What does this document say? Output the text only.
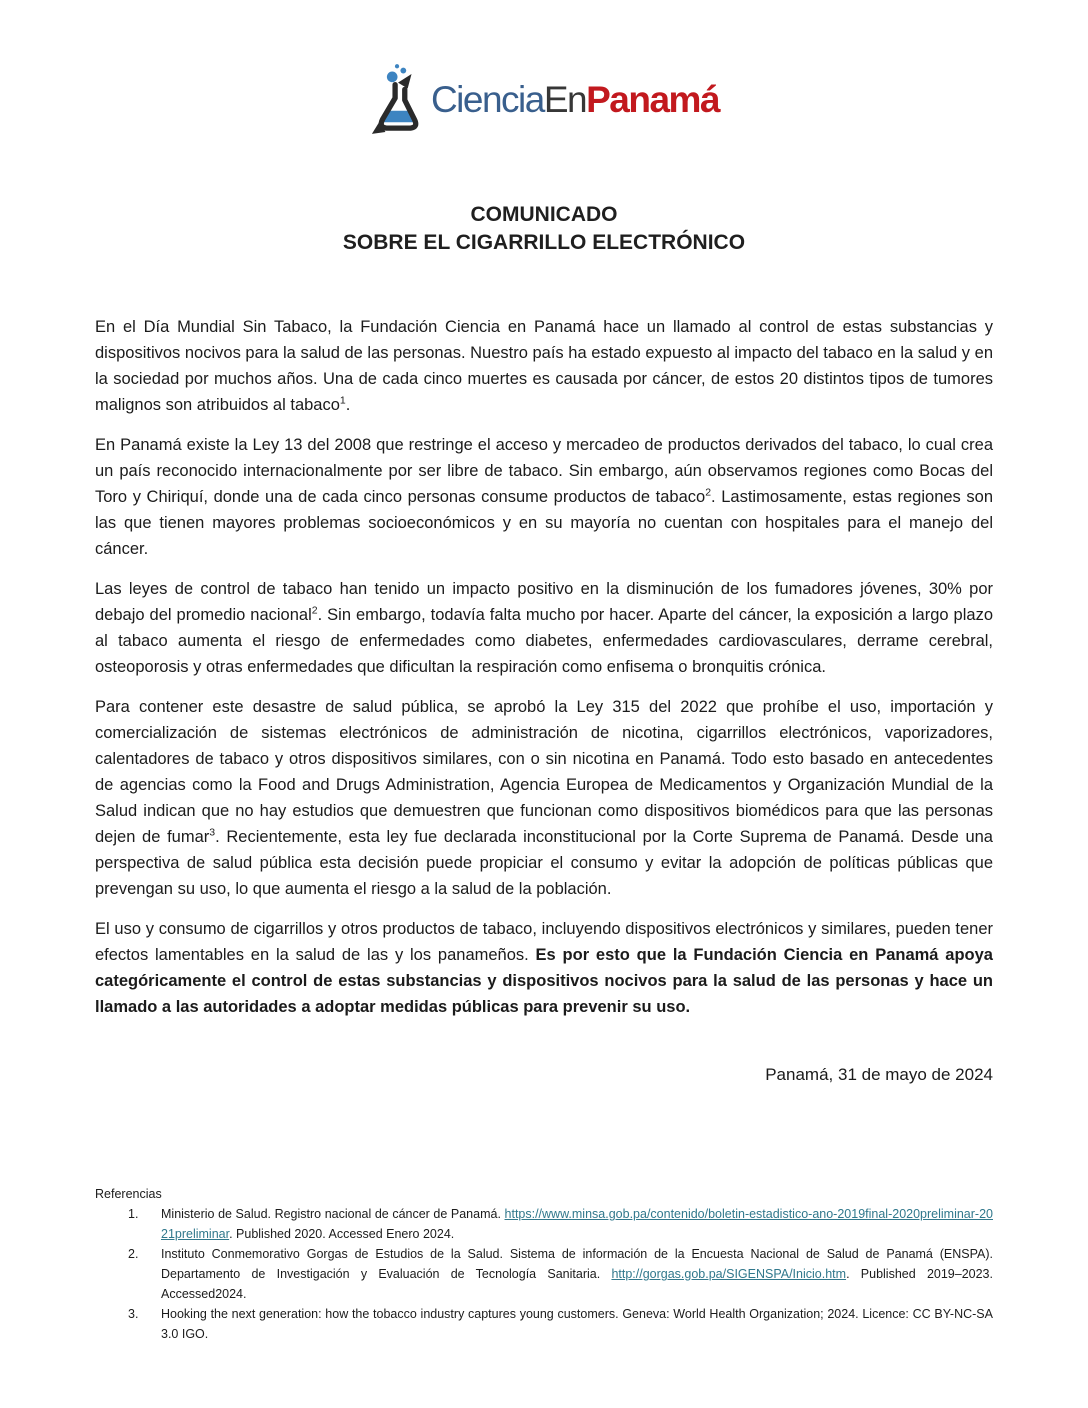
CienciaEnPanamá
COMUNICADO
SOBRE EL CIGARRILLO ELECTRÓNICO

En el Día Mundial Sin Tabaco, la Fundación Ciencia en Panamá hace un llamado al control de estas substancias y dispositivos nocivos para la salud de las personas. Nuestro país ha estado expuesto al impacto del tabaco en la salud y en la sociedad por muchos años. Una de cada cinco muertes es causada por cáncer, de estos 20 distintos tipos de tumores malignos son atribuidos al tabaco$^1$.

En Panamá existe la Ley 13 del 2008 que restringe el acceso y mercadeo de productos derivados del tabaco, lo cual crea un país reconocido internacionalmente por ser libre de tabaco. Sin embargo, aún observamos regiones como Bocas del Toro y Chiriquí, donde una de cada cinco personas consume productos de tabaco$^2$. Lastimosamente, estas regiones son las que tienen mayores problemas socioeconómicos y en su mayoría no cuentan con hospitales para el manejo del cáncer.

Las leyes de control de tabaco han tenido un impacto positivo en la disminución de los fumadores jóvenes, 30% por debajo del promedio nacional$^2$. Sin embargo, todavía falta mucho por hacer. Aparte del cáncer, la exposición a largo plazo al tabaco aumenta el riesgo de enfermedades como diabetes, enfermedades cardiovasculares, derrame cerebral, osteoporosis y otras enfermedades que dificultan la respiración como enfisema o bronquitis crónica.

Para contener este desastre de salud pública, se aprobó la Ley 315 del 2022 que prohíbe el uso, importación y comercialización de sistemas electrónicos de administración de nicotina, cigarrillos electrónicos, vaporizadores, calentadores de tabaco y otros dispositivos similares, con o sin nicotina en Panamá. Todo esto basado en antecedentes de agencias como la Food and Drugs Administration, Agencia Europea de Medicamentos y Organización Mundial de la Salud indican que no hay estudios que demuestren que funcionan como dispositivos biomédicos para que las personas dejen de fumar$^3$. Recientemente, esta ley fue declarada inconstitucional por la Corte Suprema de Panamá. Desde una perspectiva de salud pública esta decisión puede propiciar el consumo y evitar la adopción de políticas públicas que prevengan su uso, lo que aumenta el riesgo a la salud de la población.

El uso y consumo de cigarrillos y otros productos de tabaco, incluyendo dispositivos electrónicos y similares, pueden tener efectos lamentables en la salud de las y los panameños. Es por esto que la Fundación Ciencia en Panamá apoya categóricamente el control de estas substancias y dispositivos nocivos para la salud de las personas y hace un llamado a las autoridades a adoptar medidas públicas para prevenir su uso.

Panamá, 31 de mayo de 2024
Referencias
1. Ministerio de Salud. Registro nacional de cáncer de Panamá. https://www.minsa.gob.pa/contenido/boletin-estadistico-ano-2019final-2020preliminar-2021preliminar. Published 2020. Accessed Enero 2024.
2. Instituto Conmemorativo Gorgas de Estudios de la Salud. Sistema de información de la Encuesta Nacional de Salud de Panamá (ENSPA). Departamento de Investigación y Evaluación de Tecnología Sanitaria. http://gorgas.gob.pa/SIGENSPA/Inicio.htm. Published 2019–2023. Accessed2024.
3. Hooking the next generation: how the tobacco industry captures young customers. Geneva: World Health Organization; 2024. Licence: CC BY-NC-SA 3.0 IGO.
